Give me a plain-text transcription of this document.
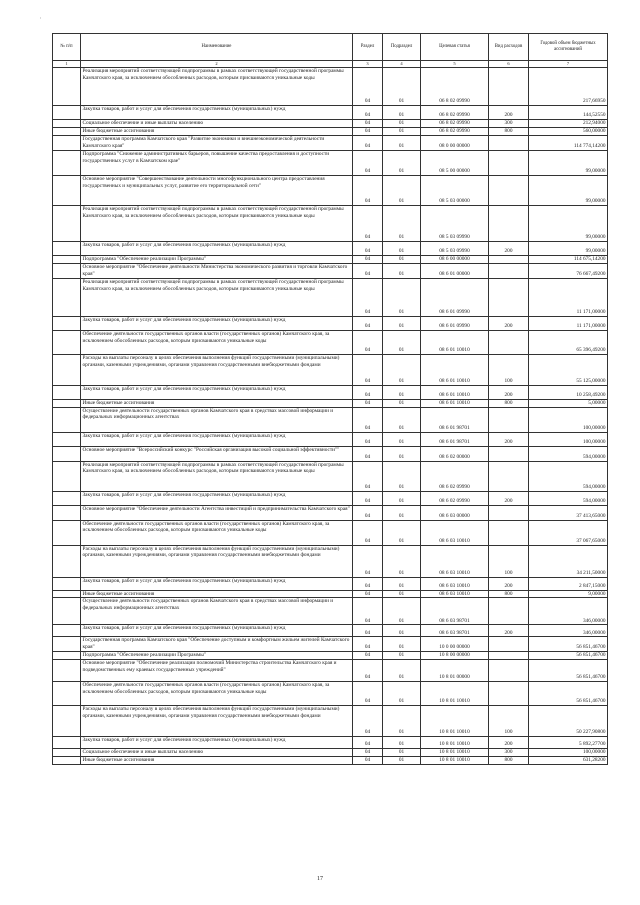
'
№ п/п	Наименование	Раздел	Подраздел	Целевая статья	Вид расходов	Годовой объем бюджетных ассигнований
1	2	3	4	5	6	7
	Реализация мероприятий соответствующей подпрограммы в рамках соответствующей государственной программы Камчатского края, за исключением обособленных расходов, которым присваиваются уникальные коды	04	01	06 8 02 09990		217,66950
	Закупка товаров, работ и услуг для обеспечения государственных (муниципальных) нужд	04	01	06 8 02 09990	200	144,52550
	Социальное обеспечение и иные выплаты населению	04	01	06 8 02 09990	300	212,94000
	Иные бюджетные ассигнования	04	01	06 8 02 09990	800	560,00000
	Государственная программа Камчатского края "Развитие экономики и внешнеэкономической деятельности Камчатского края"	04	01	08 0 00 00000		114 774,14200
	Подпрограмма "Снижение административных барьеров, повышение качества предоставления и доступности государственных услуг в Камчатском крае"	04	01	08 5 00 00000		99,00000
	Основное мероприятие "Совершенствование деятельности многофункционального центра предоставления государственных и муниципальных услуг, развитие его территориальной сети"	04	01	08 5 03 00000		99,00000
	Реализация мероприятий соответствующей подпрограммы в рамках соответствующей государственной программы Камчатского края, за исключением обособленных расходов, которым присваиваются уникальные коды	04	01	08 5 03 09990		99,00000
	Закупка товаров, работ и услуг для обеспечения государственных (муниципальных) нужд	04	01	08 5 03 09990	200	99,00000
	Подпрограмма "Обеспечение реализации Программы"	04	01	08 6 00 00000		114 675,14200
	Основное мероприятие "Обеспечение деятельности Министерства экономического развития и торговли Камчатского края"	04	01	08 6 01 00000		76 667,49200
	Реализация мероприятий соответствующей подпрограммы в рамках соответствующей государственной программы Камчатского края, за исключением обособленных расходов, которым присваиваются уникальные коды	04	01	08 6 01 09990		11 171,00000
	Закупка товаров, работ и услуг для обеспечения государственных (муниципальных) нужд	04	01	08 6 01 09990	200	11 171,00000
	Обеспечение деятельности государственных органов власти (государственных органов) Камчатского края, за исключением обособленных расходов, которым присваиваются уникальные коды	04	01	08 6 01 10010		65 396,49200
	Расходы на выплаты персоналу в целях обеспечения выполнения функций государственными (муниципальными) органами, казенными учреждениями, органами управления государственными внебюджетными фондами	04	01	08 6 01 10010	100	55 125,00000
	Закупка товаров, работ и услуг для обеспечения государственных (муниципальных) нужд	04	01	08 6 01 10010	200	10 258,49200
	Иные бюджетные ассигнования	04	01	08 6 01 10010	800	5,00000
	Осуществление деятельности государственных органов Камчатского края в средствах массовой информации и федеральных информационных агентствах	04	01	08 6 01 98701		100,00000
	Закупка товаров, работ и услуг для обеспечения государственных (муниципальных) нужд	04	01	08 6 01 98701	200	100,00000
	Основное мероприятие "Всероссийский конкурс "Российская организация высокой социальной эффективности""	04	01	08 6 02 00000		594,00000
	Реализация мероприятий соответствующей подпрограммы в рамках соответствующей государственной программы Камчатского края, за исключением обособленных расходов, которым присваиваются уникальные коды	04	01	08 6 02 09990		594,00000
	Закупка товаров, работ и услуг для обеспечения государственных (муниципальных) нужд	04	01	08 6 02 09990	200	594,00000
	Основное мероприятие "Обеспечение деятельности Агентства инвестиций и предпринимательства Камчатского края"	04	01	08 6 03 00000		37 413,65000
	Обеспечение деятельности государственных органов власти (государственных органов) Камчатского края, за исключением обособленных расходов, которым присваиваются уникальные коды	04	01	08 6 03 10010		37 067,65000
	Расходы на выплаты персоналу в целях обеспечения выполнения функций государственными (муниципальными) органами, казенными учреждениями, органами управления государственными внебюджетными фондами	04	01	08 6 03 10010	100	34 211,50000
	Закупка товаров, работ и услуг для обеспечения государственных (муниципальных) нужд	04	01	08 6 03 10010	200	2 847,15000
	Иные бюджетные ассигнования	04	01	08 6 03 10010	800	9,00000
	Осуществление деятельности государственных органов Камчатского края в средствах массовой информации и федеральных информационных агентствах	04	01	08 6 03 98701		346,00000
	Закупка товаров, работ и услуг для обеспечения государственных (муниципальных) нужд	04	01	08 6 03 98701	200	346,00000
	Государственная программа Камчатского края "Обеспечение доступным и комфортным жильем жителей Камчатского края"	04	01	10 0 00 00000		56 851,46700
	Подпрограмма "Обеспечение реализации Программы"	04	01	10 8 00 00000		56 851,46700
	Основное мероприятие "Обеспечение реализации полномочий Министерства строительства Камчатского края и подведомственных ему краевых государственных учреждений"	04	01	10 8 01 00000		56 851,46700
	Обеспечение деятельности государственных органов власти (государственных органов) Камчатского края, за исключением обособленных расходов, которым присваиваются уникальные коды	04	01	10 8 01 10010		56 851,46700
	Расходы на выплаты персоналу в целях обеспечения выполнения функций государственными (муниципальными) органами, казенными учреждениями, органами управления государственными внебюджетными фондами	04	01	10 8 01 10010	100	50 227,90800
	Закупка товаров, работ и услуг для обеспечения государственных (муниципальных) нужд	04	01	10 8 01 10010	200	5 892,27700
	Социальное обеспечение и иные выплаты населению	04	01	10 8 01 10010	300	100,00000
	Иные бюджетные ассигнования	04	01	10 8 01 10010	800	631,28200
17
